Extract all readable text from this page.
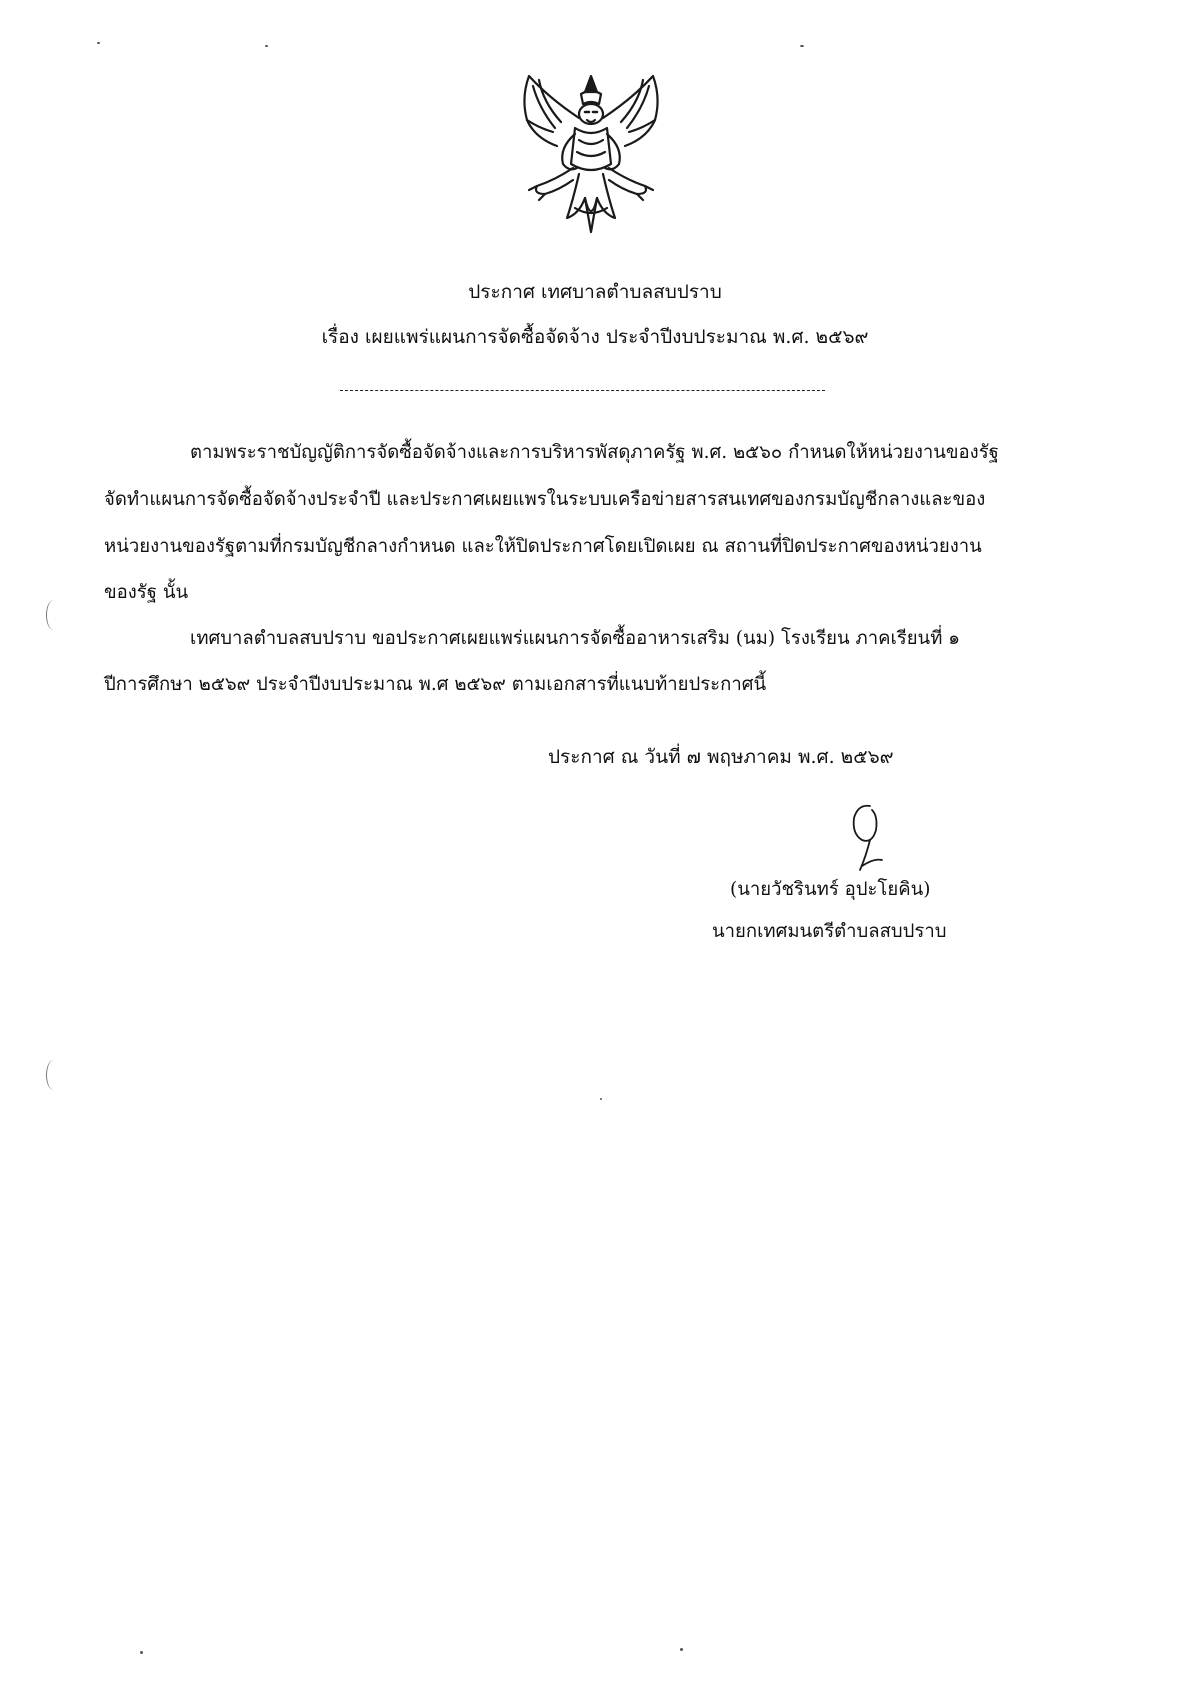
ประกาศ เทศบาลตำบลสบปราบ
เรื่อง เผยแพร่แผนการจัดซื้อจัดจ้าง ประจำปีงบประมาณ พ.ศ. ๒๕๖๙
ตามพระราชบัญญัติการจัดซื้อจัดจ้างและการบริหารพัสดุภาครัฐ พ.ศ. ๒๕๖๐ กำหนดให้หน่วยงานของรัฐ
จัดทำแผนการจัดซื้อจัดจ้างประจำปี และประกาศเผยแพรในระบบเครือข่ายสารสนเทศของกรมบัญชีกลางและของ
หน่วยงานของรัฐตามที่กรมบัญชีกลางกำหนด และให้ปิดประกาศโดยเปิดเผย ณ สถานที่ปิดประกาศของหน่วยงาน
ของรัฐ นั้น
เทศบาลตำบลสบปราบ ขอประกาศเผยแพร่แผนการจัดซื้ออาหารเสริม (นม) โรงเรียน ภาคเรียนที่ ๑
ปีการศึกษา ๒๕๖๙ ประจำปีงบประมาณ พ.ศ ๒๕๖๙ ตามเอกสารที่แนบท้ายประกาศนี้
ประกาศ ณ วันที่ ๗ พฤษภาคม พ.ศ. ๒๕๖๙
(นายวัชรินทร์ อุปะโยคิน)
นายกเทศมนตรีตำบลสบปราบ
